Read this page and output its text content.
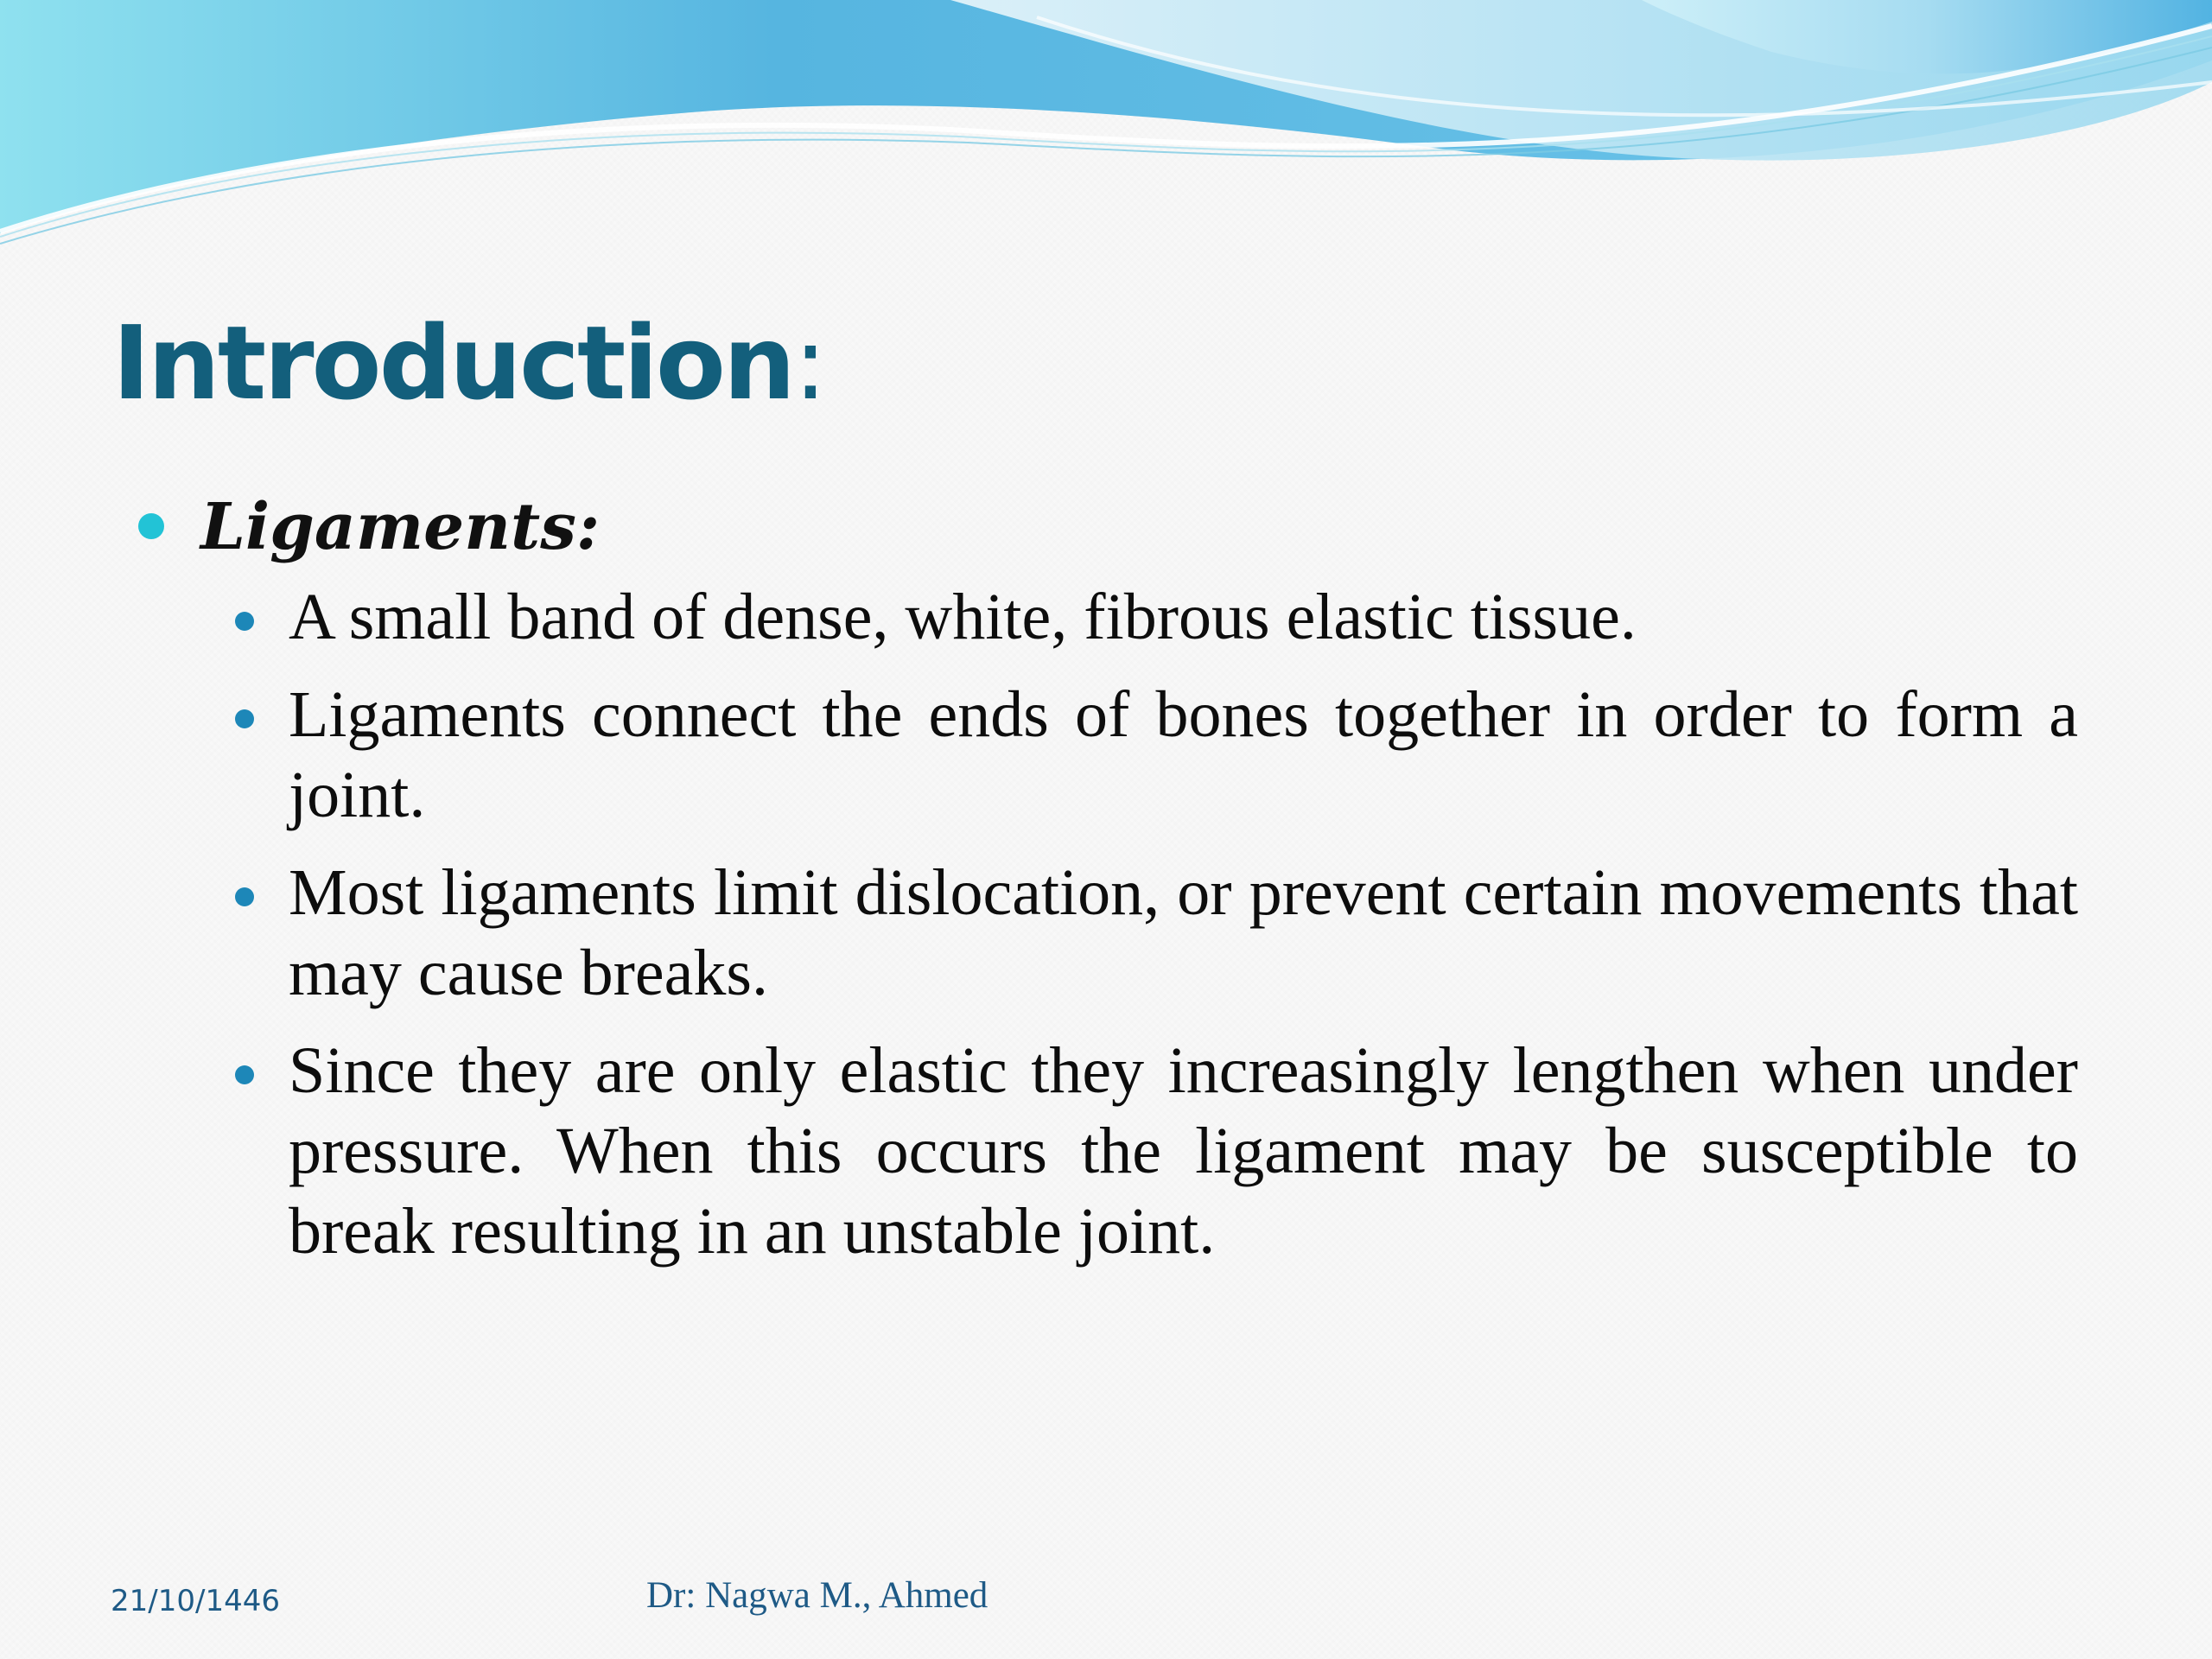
Introduction:
Ligaments:
A small band of dense, white, fibrous elastic tissue.
Ligaments connect the ends of bones together in order to form a joint.
Most ligaments limit dislocation, or prevent certain movements that may cause breaks.
Since they are only elastic they increasingly lengthen when under pressure. When this occurs the ligament may be susceptible to break resulting in an unstable joint.
21/10/1446	Dr: Nagwa M., Ahmed
